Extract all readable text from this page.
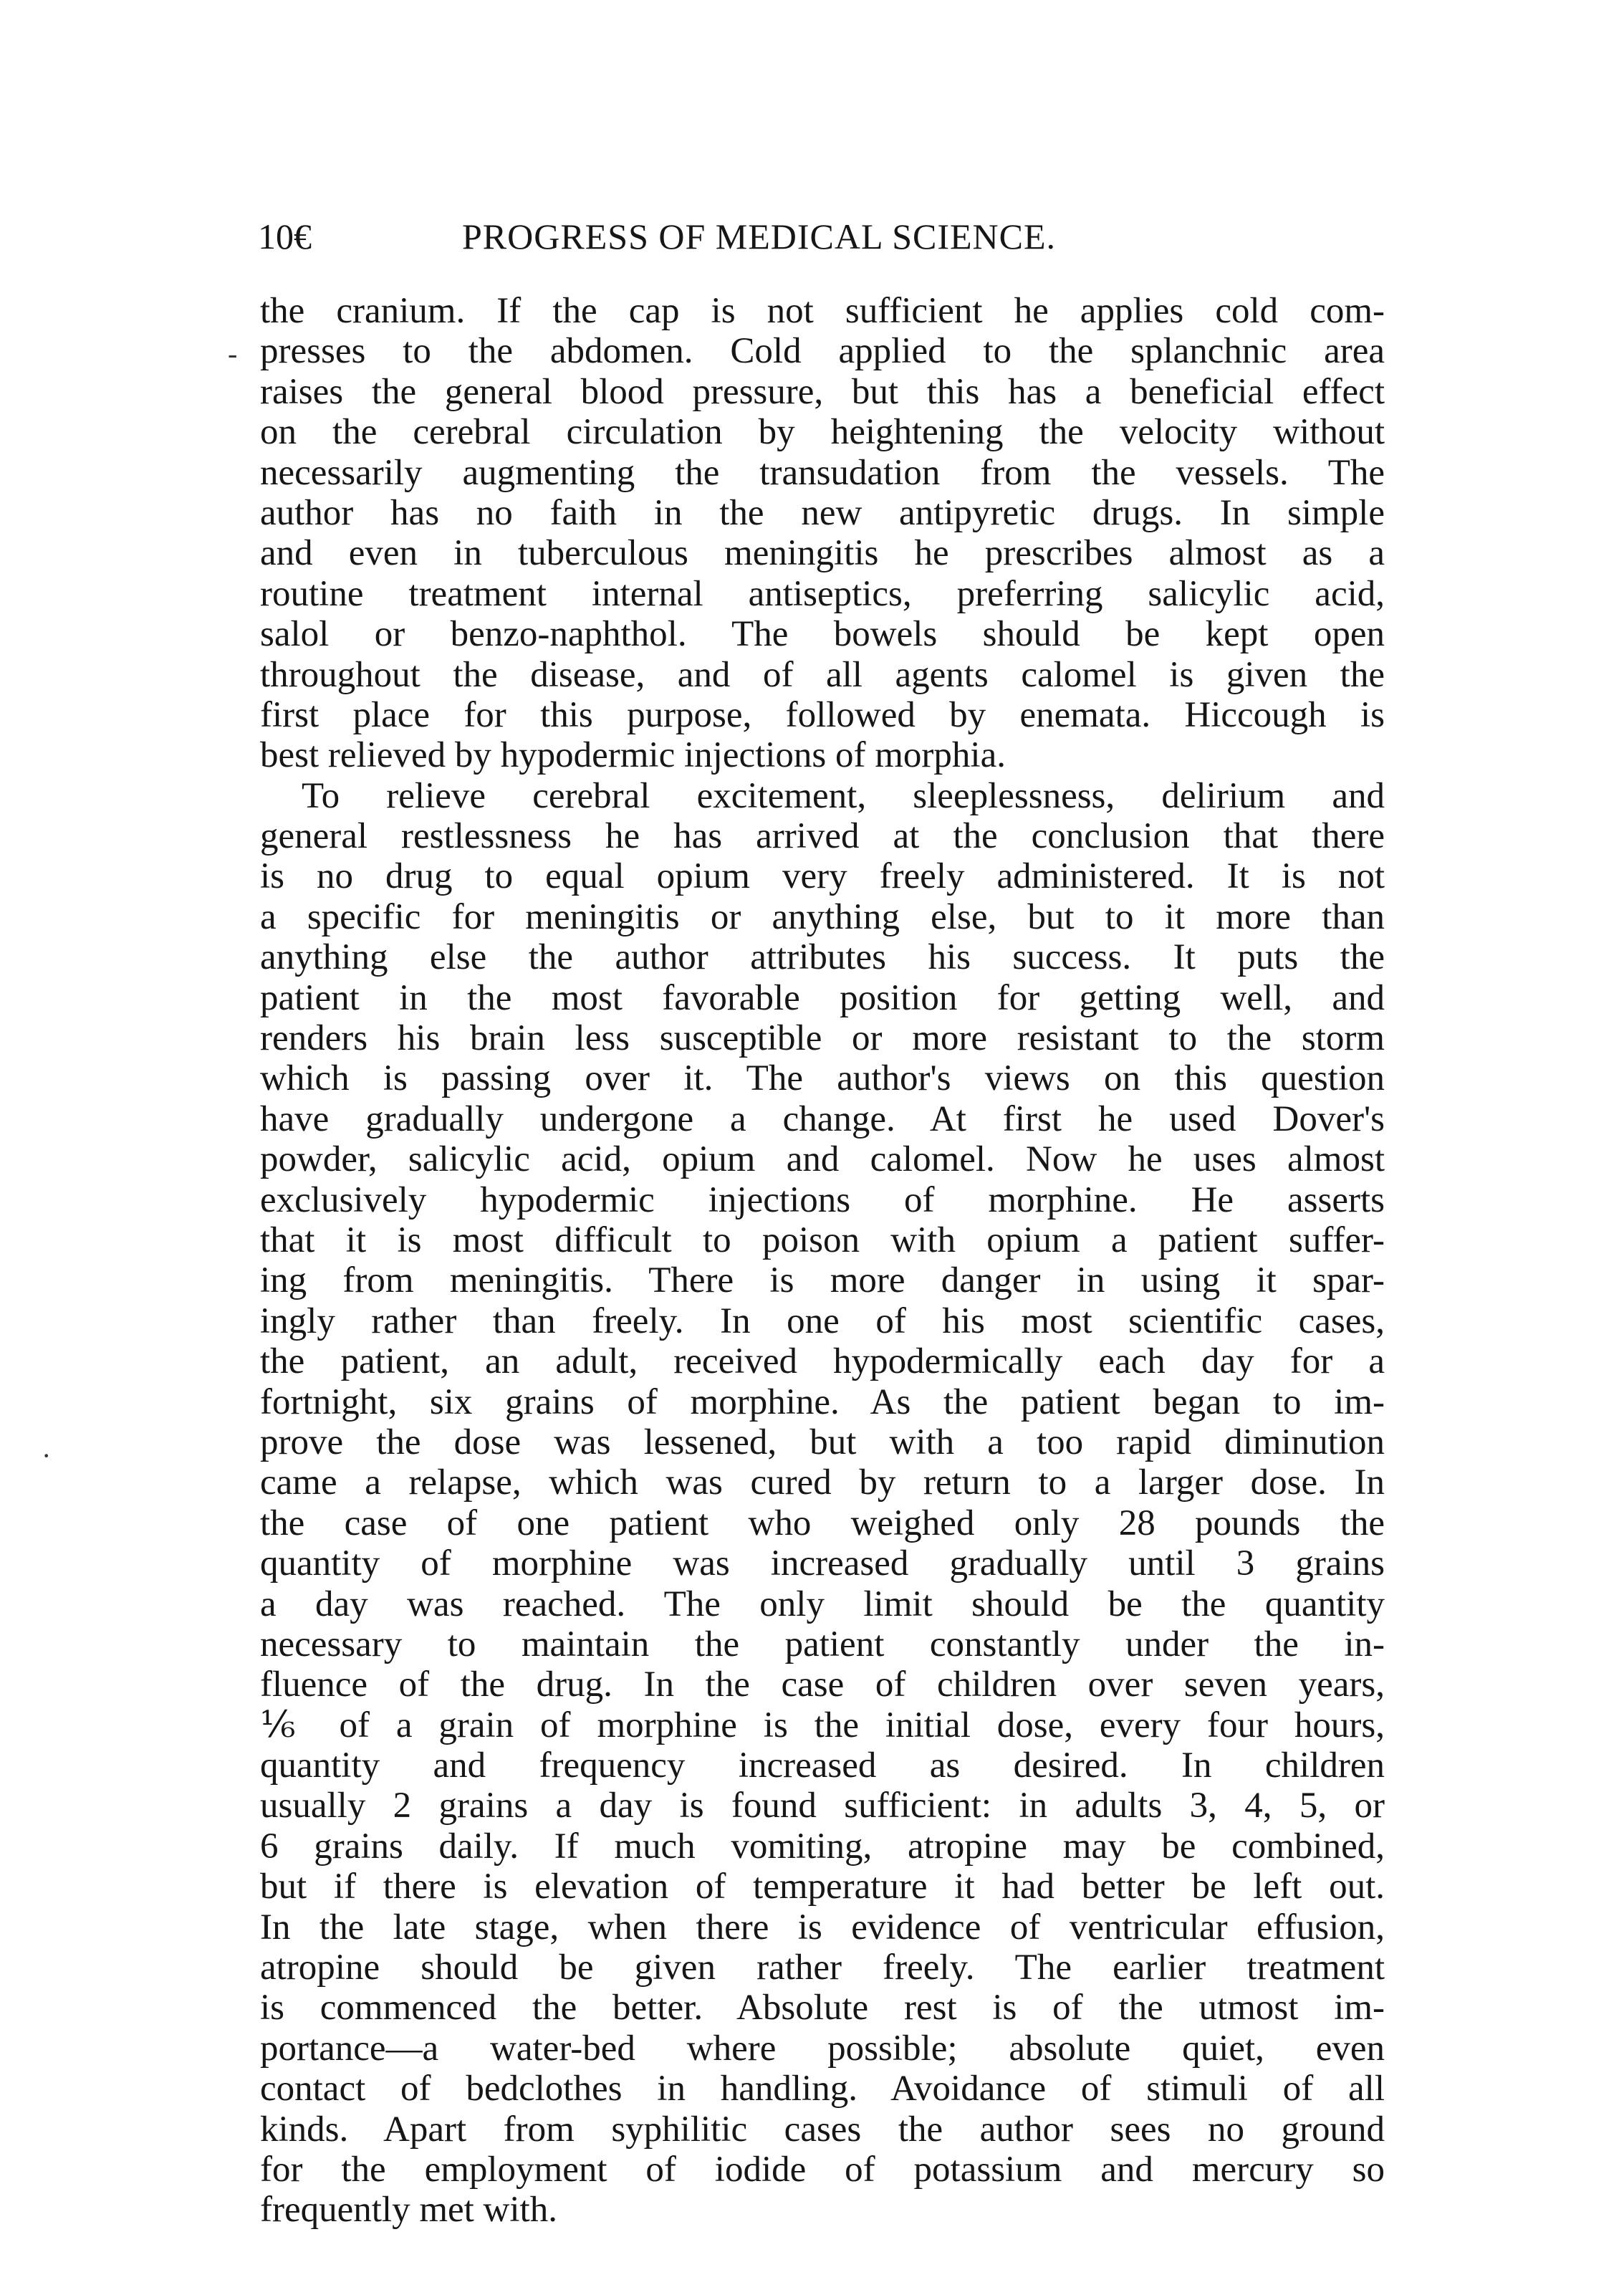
10€	PROGRESS OF MEDICAL SCIENCE.
-
·
the cranium. If the cap is not sufficient he applies cold com-
presses to the abdomen. Cold applied to the splanchnic area
raises the general blood pressure, but this has a beneficial effect
on the cerebral circulation by heightening the velocity without
necessarily augmenting the transudation from the vessels. The
author has no faith in the new antipyretic drugs. In simple
and even in tuberculous meningitis he prescribes almost as a
routine treatment internal antiseptics, preferring salicylic acid,
salol or benzo-naphthol. The bowels should be kept open
throughout the disease, and of all agents calomel is given the
first place for this purpose, followed by enemata. Hiccough is
best relieved by hypodermic injections of morphia.
To relieve cerebral excitement, sleeplessness, delirium and
general restlessness he has arrived at the conclusion that there
is no drug to equal opium very freely administered. It is not
a specific for meningitis or anything else, but to it more than
anything else the author attributes his success. It puts the
patient in the most favorable position for getting well, and
renders his brain less susceptible or more resistant to the storm
which is passing over it. The author's views on this question
have gradually undergone a change. At first he used Dover's
powder, salicylic acid, opium and calomel. Now he uses almost
exclusively hypodermic injections of morphine. He asserts
that it is most difficult to poison with opium a patient suffer-
ing from meningitis. There is more danger in using it spar-
ingly rather than freely. In one of his most scientific cases,
the patient, an adult, received hypodermically each day for a
fortnight, six grains of morphine. As the patient began to im-
prove the dose was lessened, but with a too rapid diminution
came a relapse, which was cured by return to a larger dose. In
the case of one patient who weighed only 28 pounds the
quantity of morphine was increased gradually until 3 grains
a day was reached. The only limit should be the quantity
necessary to maintain the patient constantly under the in-
fluence of the drug. In the case of children over seven years,
⅙ of a grain of morphine is the initial dose, every four hours,
quantity and frequency increased as desired. In children
usually 2 grains a day is found sufficient: in adults 3, 4, 5, or
6 grains daily. If much vomiting, atropine may be combined,
but if there is elevation of temperature it had better be left out.
In the late stage, when there is evidence of ventricular effusion,
atropine should be given rather freely. The earlier treatment
is commenced the better. Absolute rest is of the utmost im-
portance—a water-bed where possible; absolute quiet, even
contact of bedclothes in handling. Avoidance of stimuli of all
kinds. Apart from syphilitic cases the author sees no ground
for the employment of iodide of potassium and mercury so
frequently met with.
